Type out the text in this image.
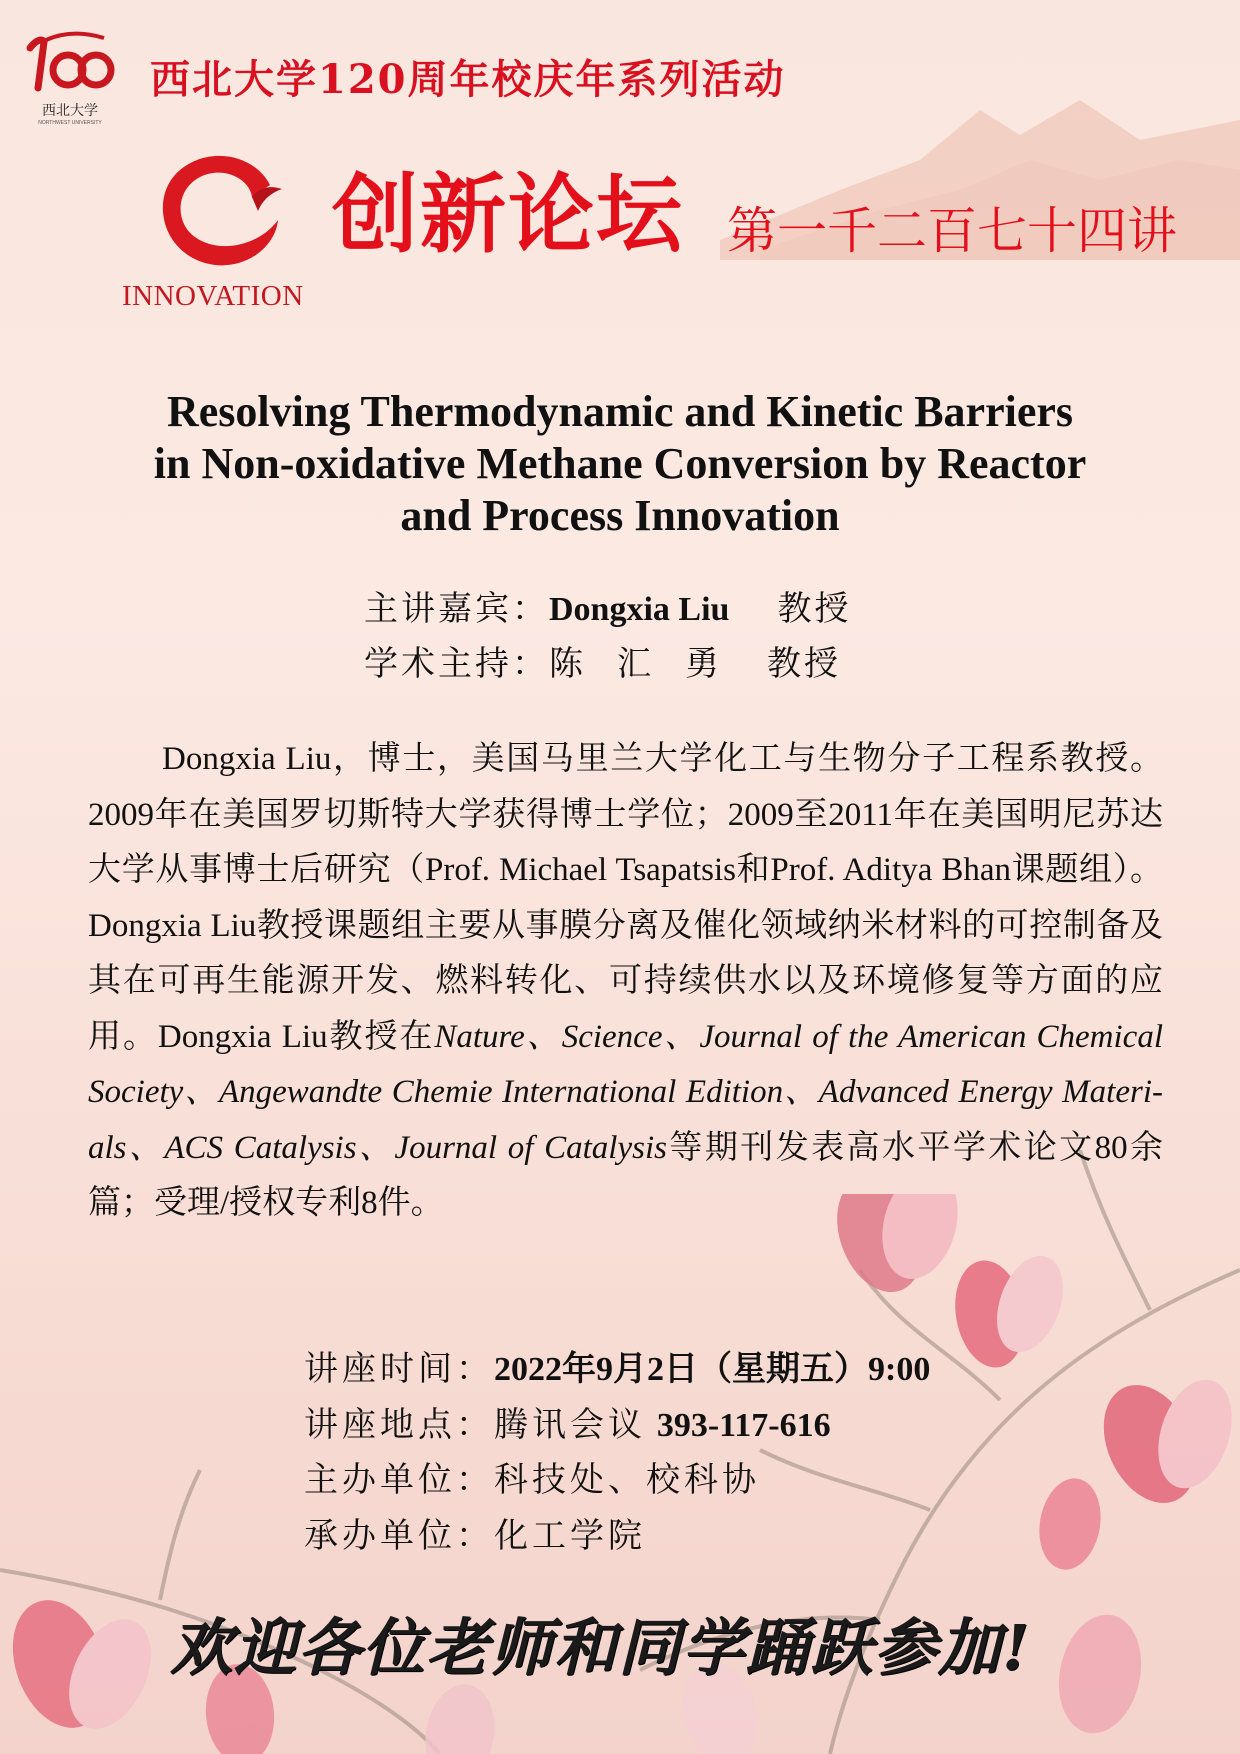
西北大学
NORTHWEST UNIVERSITY
西北大学120周年校庆年系列活动
INNOVATION
创新论坛 第一千二百七十四讲
Resolving Thermodynamic and Kinetic Barriers
in Non-oxidative Methane Conversion by Reactor
and Process Innovation
主讲嘉宾：Dongxia Liu 教授
学术主持：陈汇勇 教授

Dongxia Liu，博士，美国马里兰大学化工与生物分子工程系教授。2009年在美国罗切斯特大学获得博士学位；2009至2011年在美国明尼苏达大学从事博士后研究（Prof. Michael Tsapatsis和Prof. Aditya Bhan课题组）。Dongxia Liu教授课题组主要从事膜分离及催化领域纳米材料的可控制备及其在可再生能源开发、燃料转化、可持续供水以及环境修复等方面的应用。Dongxia Liu教授在Nature、Science、Journal of the American Chemical Society、Angewandte Chemie International Edition、Advanced Energy Materi-als、ACS Catalysis、Journal of Catalysis等期刊发表高水平学术论文80余篇；受理/授权专利8件。

讲座时间：2022年9月2日（星期五）9:00
讲座地点：腾讯会议 393-117-616
主办单位：科技处、校科协
承办单位：化工学院
欢迎各位老师和同学踊跃参加!
